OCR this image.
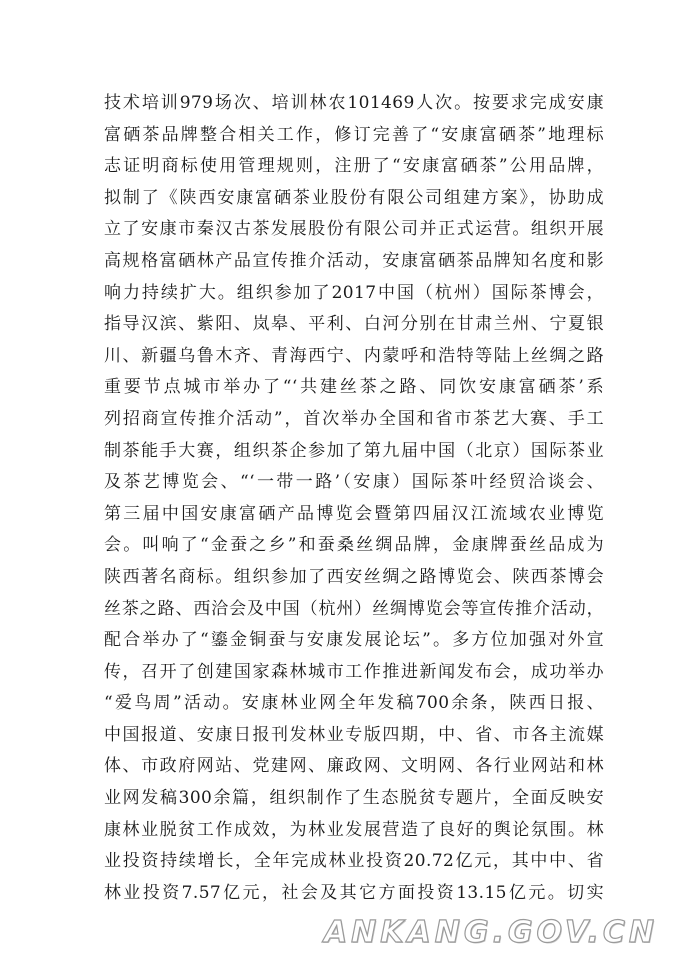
技术培训979场次、培训林农101469人次。按要求完成安康
富硒茶品牌整合相关工作，修订完善了“安康富硒茶”地理标
志证明商标使用管理规则，注册了“安康富硒茶”公用品牌，
拟制了《陕西安康富硒茶业股份有限公司组建方案》，协助成
立了安康市秦汉古茶发展股份有限公司并正式运营。组织开展
高规格富硒林产品宣传推介活动，安康富硒茶品牌知名度和影
响力持续扩大。组织参加了2017中国（杭州）国际茶博会，
指导汉滨、紫阳、岚皋、平利、白河分别在甘肃兰州、宁夏银
川、新疆乌鲁木齐、青海西宁、内蒙呼和浩特等陆上丝绸之路
重要节点城市举办了“‘共建丝茶之路、同饮安康富硒茶’系
列招商宣传推介活动”，首次举办全国和省市茶艺大赛、手工
制茶能手大赛，组织茶企参加了第九届中国（北京）国际茶业
及茶艺博览会、“‘一带一路’（安康）国际茶叶经贸洽谈会、
第三届中国安康富硒产品博览会暨第四届汉江流域农业博览
会。叫响了“金蚕之乡”和蚕桑丝绸品牌，金康牌蚕丝品成为
陕西著名商标。组织参加了西安丝绸之路博览会、陕西茶博会
丝茶之路、西洽会及中国（杭州）丝绸博览会等宣传推介活动，
配合举办了“鎏金铜蚕与安康发展论坛”。多方位加强对外宣
传，召开了创建国家森林城市工作推进新闻发布会，成功举办
“爱鸟周”活动。安康林业网全年发稿700余条，陕西日报、
中国报道、安康日报刊发林业专版四期，中、省、市各主流媒
体、市政府网站、党建网、廉政网、文明网、各行业网站和林
业网发稿300余篇，组织制作了生态脱贫专题片，全面反映安
康林业脱贫工作成效，为林业发展营造了良好的舆论氛围。林
业投资持续增长，全年完成林业投资20.72亿元，其中中、省
林业投资7.57亿元，社会及其它方面投资13.15亿元。切实
ANKANG.GOV.CN
